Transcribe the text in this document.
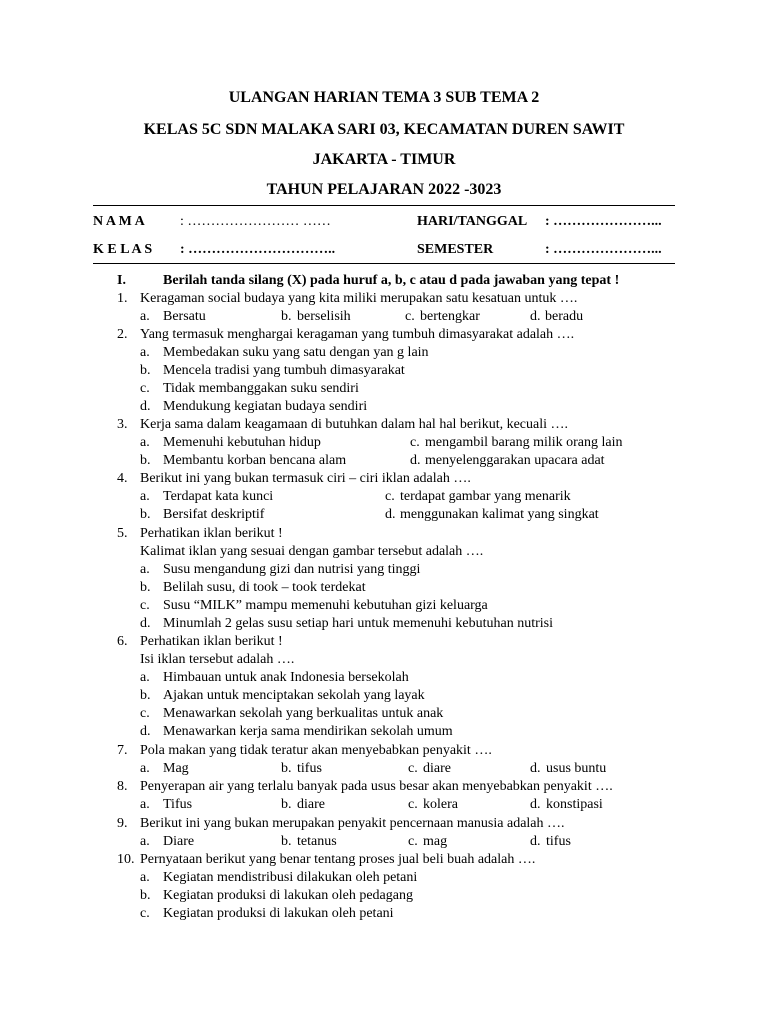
ULANGAN HARIAN TEMA 3 SUB TEMA 2
KELAS 5C SDN MALAKA SARI 03, KECAMATAN DUREN SAWIT
JAKARTA - TIMUR
TAHUN PELAJARAN 2022 -3023
N A M A	: …………………… ……	HARI/TANGGAL : …………………...
K E L A S : …………………………..	SEMESTER	: …………………...
I.	Berilah tanda silang (X) pada huruf a, b, c atau d pada jawaban yang tepat !
1. Keragaman social budaya yang kita miliki merupakan satu kesatuan untuk ….
a. Bersatu	b. berselisih	c. bertengkar	d. beradu
2. Yang termasuk menghargai keragaman yang tumbuh dimasyarakat adalah ….
a. Membedakan suku yang satu dengan yan g lain
b. Mencela tradisi yang tumbuh dimasyarakat
c. Tidak membanggakan suku sendiri
d. Mendukung kegiatan budaya sendiri
3. Kerja sama dalam keagamaan di butuhkan dalam hal hal berikut, kecuali ….
a. Memenuhi kebutuhan hidup	c. mengambil barang milik orang lain
b. Membantu korban bencana alam	d. menyelenggarakan upacara adat
4. Berikut ini yang bukan termasuk ciri – ciri iklan adalah ….
a. Terdapat kata kunci	c. terdapat gambar yang menarik
b. Bersifat deskriptif	d. menggunakan kalimat yang singkat
5. Perhatikan iklan berikut !
Kalimat iklan yang sesuai dengan gambar tersebut adalah ….
a. Susu mengandung gizi dan nutrisi yang tinggi
b. Belilah susu, di took – took terdekat
c. Susu “MILK” mampu memenuhi kebutuhan gizi keluarga
d. Minumlah 2 gelas susu setiap hari untuk memenuhi kebutuhan nutrisi
6. Perhatikan iklan berikut !
Isi iklan tersebut adalah ….
a. Himbauan untuk anak Indonesia bersekolah
b. Ajakan untuk menciptakan sekolah yang layak
c. Menawarkan sekolah yang berkualitas untuk anak
d. Menawarkan kerja sama mendirikan sekolah umum
7. Pola makan yang tidak teratur akan menyebabkan penyakit ….
a. Mag	b. tifus	c. diare	d. usus buntu
8. Penyerapan air yang terlalu banyak pada usus besar akan menyebabkan penyakit ….
a. Tifus	b. diare	c. kolera	d. konstipasi
9. Berikut ini yang bukan merupakan penyakit pencernaan manusia adalah ….
a. Diare	b. tetanus	c. mag	d. tifus
10. Pernyataan berikut yang benar tentang proses jual beli buah adalah ….
a. Kegiatan mendistribusi dilakukan oleh petani
b. Kegiatan produksi di lakukan oleh pedagang
c. Kegiatan produksi di lakukan oleh petani
